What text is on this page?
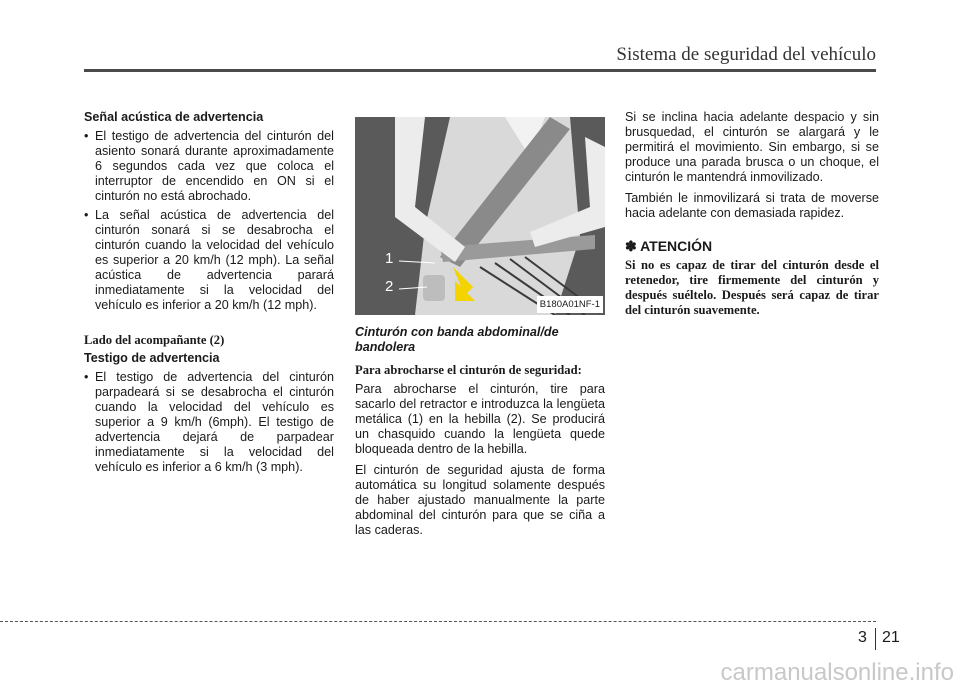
Sistema de seguridad del vehículo
Señal acústica de advertencia
• El testigo de advertencia del cinturón del asiento sonará durante aproximadamente 6 segundos cada vez que coloca el interruptor de encendido en ON si el cinturón no está abrochado.
• La señal acústica de advertencia del cinturón sonará si se desabrocha el cinturón cuando la velocidad del vehículo es superior a 20 km/h (12 mph). La señal acústica de advertencia parará inmediatamente si la velocidad del vehículo es inferior a 20 km/h (12 mph).
Lado del acompañante (2)
Testigo de advertencia
• El testigo de advertencia del cinturón parpadeará si se desabrocha el cinturón cuando la velocidad del vehículo es superior a 9 km/h (6mph). El testigo de advertencia dejará de parpadear inmediatamente si la velocidad del vehículo es inferior a 6 km/h (3 mph).
1
2
B180A01NF-1
Cinturón con banda abdominal/de bandolera
Para abrocharse el cinturón de seguridad:

Para abrocharse el cinturón, tire para sacarlo del retractor e introduzca la lengüeta metálica (1) en la hebilla (2). Se producirá un chasquido cuando la lengüeta quede bloqueada dentro de la hebilla.

El cinturón de seguridad ajusta de forma automática su longitud solamente después de haber ajustado manualmente la parte abdominal del cinturón para que se ciña a las caderas.

Si se inclina hacia adelante despacio y sin brusquedad, el cinturón se alargará y le permitirá el movimiento. Sin embargo, si se produce una parada brusca o un choque, el cinturón le mantendrá inmovilizado.

También le inmovilizará si trata de moverse hacia adelante con demasiada rapidez.

✽ ATENCIÓN
Si no es capaz de tirar del cinturón desde el retenedor, tire firmemente del cinturón y después suéltelo. Después será capaz de tirar del cinturón suavemente.
3 21
carmanualsonline.info
